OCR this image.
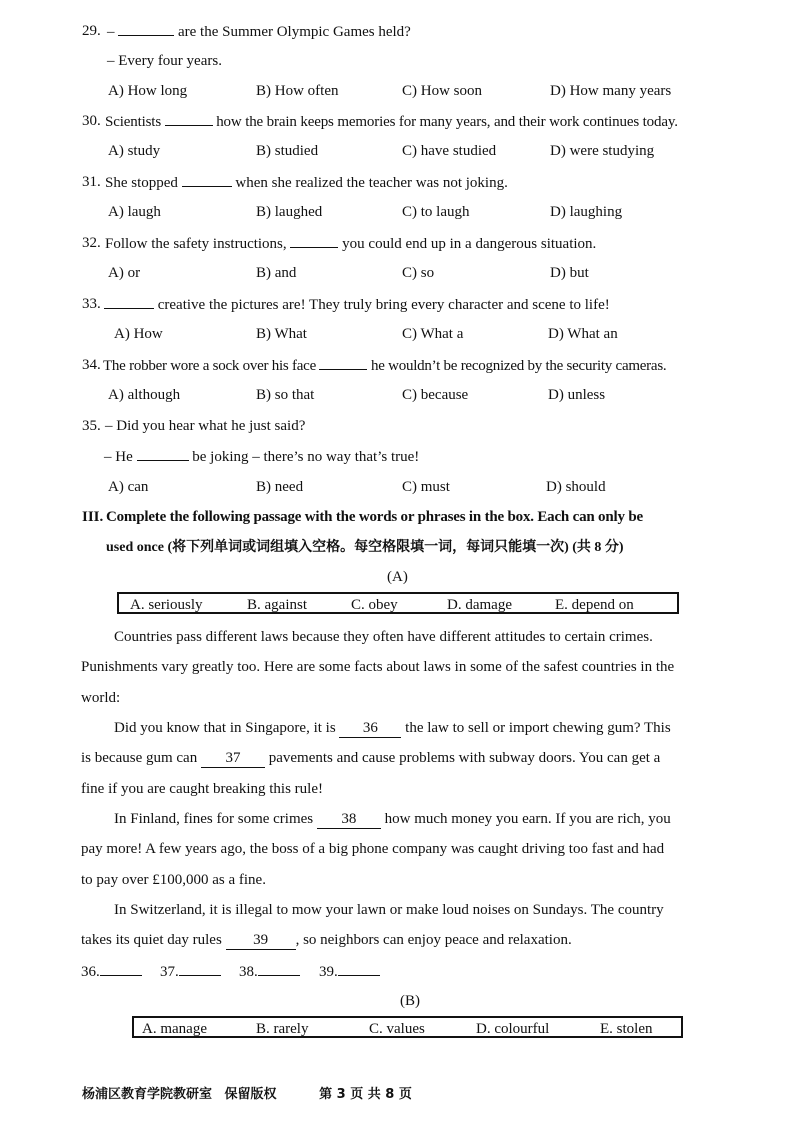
29. –	are the Summer Olympic Games held?
– Every four years.
A) How long	B) How often	C) How soon	D) How many years
30. Scientists	how the brain keeps memories for many years, and their work continues today.
A) study	B) studied	C) have studied	D) were studying
31. She stopped	when she realized the teacher was not joking.
A) laugh	B) laughed	C) to laugh	D) laughing
32. Follow the safety instructions,	you could end up in a dangerous situation.
A) or	B) and	C) so	D) but
33.	creative the pictures are! They truly bring every character and scene to life!
A) How	B) What	C) What a	D) What an
34. The robber wore a sock over his face	he wouldn’t be recognized by the security cameras.
A) although	B) so that	C) because	D) unless
35. – Did you hear what he just said?
– He	be joking – there’s no way that’s true!
A) can	B) need	C) must	D) should
III. Complete the following passage with the words or phrases in the box. Each can only be
used once (将下列单词或词组填入空格。每空格限填一词，每词只能填一次) (共 8 分)
(A)
A. seriously	B. against	C. obey	D. damage	E. depend on
Countries pass different laws because they often have different attitudes to certain crimes.
Punishments vary greatly too. Here are some facts about laws in some of the safest countries in the
world:
Did you know that in Singapore, it is 36 the law to sell or import chewing gum? This
is because gum can 37 pavements and cause problems with subway doors. You can get a
fine if you are caught breaking this rule!
In Finland, fines for some crimes 38 how much money you earn. If you are rich, you
pay more! A few years ago, the boss of a big phone company was caught driving too fast and had
to pay over £100,000 as a fine.
In Switzerland, it is illegal to mow your lawn or make loud noises on Sundays. The country
takes its quiet day rules 39 , so neighbors can enjoy peace and relaxation.
36.	37.	38.	39.
(B)
A. manage	B. rarely	C. values	D. colourful	E. stolen
杨浦区教育学院教研室 保留版权	第 3 页 共 8 页
